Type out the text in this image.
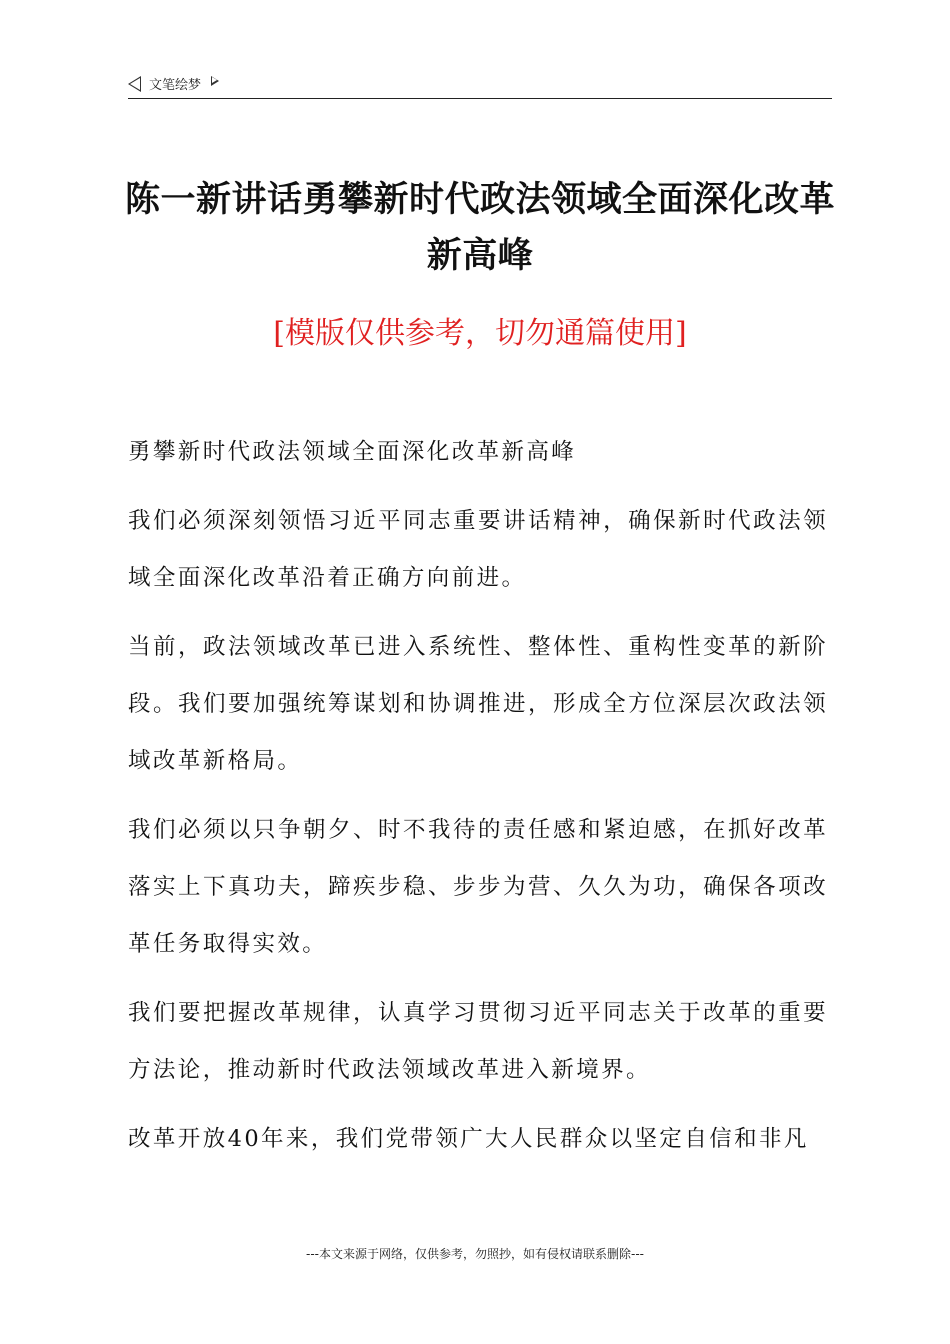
文笔绘梦
陈一新讲话勇攀新时代政法领域全面深化改革
新高峰
[模版仅供参考，切勿通篇使用]

勇攀新时代政法领域全面深化改革新高峰

我们必须深刻领悟习近平同志重要讲话精神，确保新时代政法领域全面深化改革沿着正确方向前进。

当前，政法领域改革已进入系统性、整体性、重构性变革的新阶段。我们要加强统筹谋划和协调推进，形成全方位深层次政法领域改革新格局。

我们必须以只争朝夕、时不我待的责任感和紧迫感，在抓好改革落实上下真功夫，蹄疾步稳、步步为营、久久为功，确保各项改革任务取得实效。

我们要把握改革规律，认真学习贯彻习近平同志关于改革的重要方法论，推动新时代政法领域改革进入新境界。

改革开放40年来，我们党带领广大人民群众以坚定自信和非凡

---本文来源于网络，仅供参考，勿照抄，如有侵权请联系删除---
